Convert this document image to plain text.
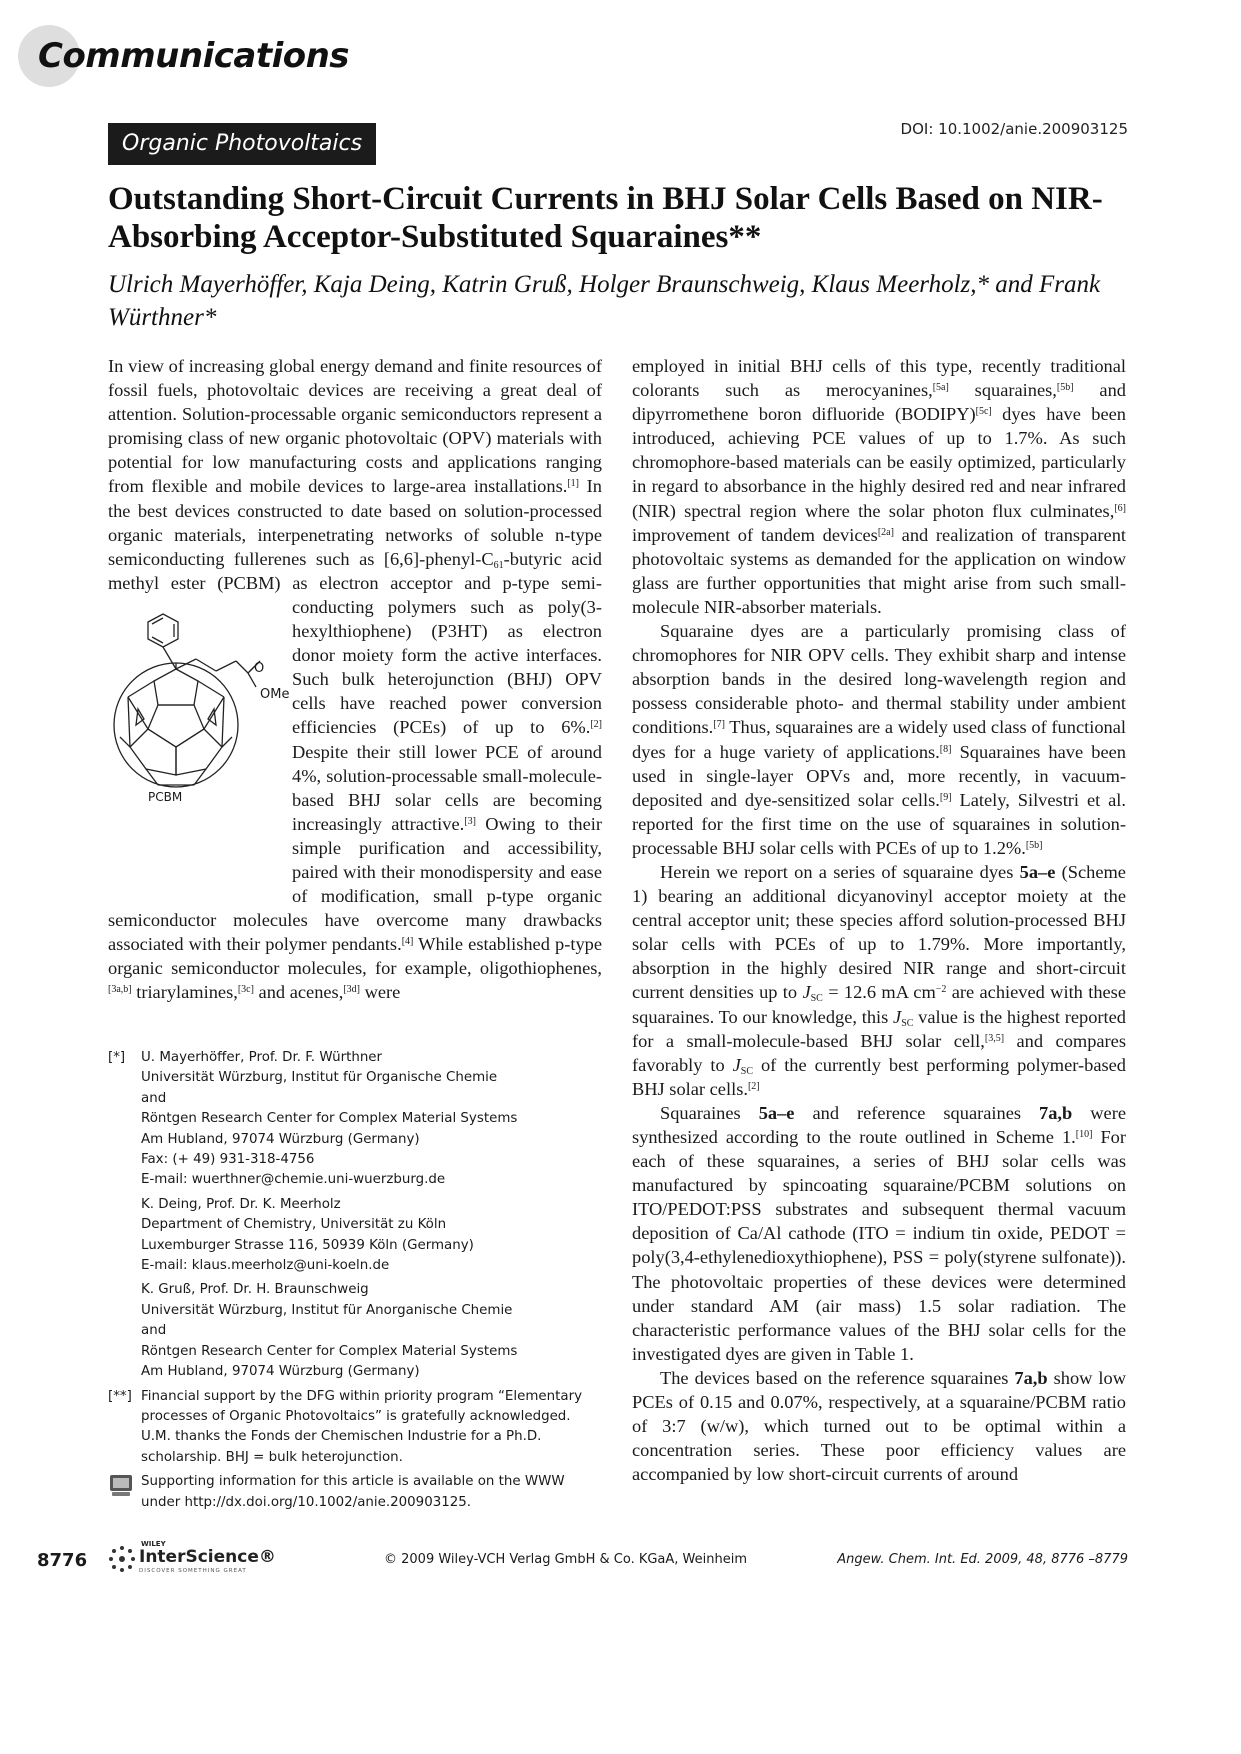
Communications
Organic Photovoltaics
DOI: 10.1002/anie.200903125
Outstanding Short-Circuit Currents in BHJ Solar Cells Based on NIR-Absorbing Acceptor-Substituted Squaraines**

Ulrich Mayerhöffer, Kaja Deing, Katrin Gruß, Holger Braunschweig, Klaus Meerholz,* and Frank Würthner*

In view of increasing global energy demand and finite resources of fossil fuels, photovoltaic devices are receiving a great deal of attention. Solution-processable organic semiconductors represent a promising class of new organic photovoltaic (OPV) materials with potential for low manufacturing costs and applications ranging from flexible and mobile devices to large-area installations.[1] In the best devices constructed to date based on solution-processed organic materials, interpenetrating networks of soluble n-type semiconducting fullerenes such as $[6,6]-phenyl-C_{61}$-butyric acid methyl ester (PCBM) as electron acceptor and p-type semi-
O
OMe
PCBM
conducting polymers such as poly(3-hexylthiophene) (P3HT) as electron donor moiety form the active interfaces. Such bulk heterojunction (BHJ) OPV cells have reached power conversion efficiencies (PCEs) of up to 6%.[2] Despite their still lower PCE of around 4%, solution-processable small-molecule-based BHJ solar cells are becoming increasingly attractive.[3] Owing to their simple purification and accessibility, paired with their monodispersity and ease of modification, small p-type organic semiconductor molecules have overcome many drawbacks associated with their polymer pendants.[4] While established p-type organic semiconductor molecules, for example, oligothiophenes,[3a,b] triarylamines,[3c] and acenes,[3d] were

employed in initial BHJ cells of this type, recently traditional colorants such as merocyanines,[5a] squaraines,[5b] and dipyrromethene boron difluoride (BODIPY)[5c] dyes have been introduced, achieving PCE values of up to 1.7%. As such chromophore-based materials can be easily optimized, particularly in regard to absorbance in the highly desired red and near infrared (NIR) spectral region where the solar photon flux culminates,[6] improvement of tandem devices[2a] and realization of transparent photovoltaic systems as demanded for the application on window glass are further opportunities that might arise from such small-molecule NIR-absorber materials.

Squaraine dyes are a particularly promising class of chromophores for NIR OPV cells. They exhibit sharp and intense absorption bands in the desired long-wavelength region and possess considerable photo- and thermal stability under ambient conditions.[7] Thus, squaraines are a widely used class of functional dyes for a huge variety of applications.[8] Squaraines have been used in single-layer OPVs and, more recently, in vacuum-deposited and dye-sensitized solar cells.[9] Lately, Silvestri et al. reported for the first time on the use of squaraines in solution-processable BHJ solar cells with PCEs of up to 1.2%.[5b]

Herein we report on a series of squaraine dyes 5a–e (Scheme 1) bearing an additional dicyanovinyl acceptor moiety at the central acceptor unit; these species afford solution-processed BHJ solar cells with PCEs of up to 1.79%. More importantly, absorption in the highly desired NIR range and short-circuit current densities up to $J_{SC} = 12.6$ mA $cm^{-2}$ are achieved with these squaraines. To our knowledge, this $J_{SC}$ value is the highest reported for a small-molecule-based BHJ solar cell,[3,5] and compares favorably to $J_{SC}$ of the currently best performing polymer-based BHJ solar cells.[2]

Squaraines 5a–e and reference squaraines 7a,b were synthesized according to the route outlined in Scheme 1.[10] For each of these squaraines, a series of BHJ solar cells was manufactured by spincoating squaraine/PCBM solutions on ITO/PEDOT:PSS substrates and subsequent thermal vacuum deposition of Ca/Al cathode (ITO = indium tin oxide, PEDOT = poly(3,4-ethylenedioxythiophene), PSS = poly(styrene sulfonate)). The photovoltaic properties of these devices were determined under standard AM (air mass) 1.5 solar radiation. The characteristic performance values of the BHJ solar cells for the investigated dyes are given in Table 1.

The devices based on the reference squaraines 7a,b show low PCEs of 0.15 and 0.07%, respectively, at a squaraine/PCBM ratio of 3:7 (w/w), which turned out to be optimal within a concentration series. These poor efficiency values are accompanied by low short-circuit currents of around

[*] U. Mayerhöffer, Prof. Dr. F. Würthner
Universität Würzburg, Institut für Organische Chemie
and
Röntgen Research Center for Complex Material Systems
Am Hubland, 97074 Würzburg (Germany)
Fax: (+ 49) 931-318-4756
E-mail: wuerthner@chemie.uni-wuerzburg.de
K. Deing, Prof. Dr. K. Meerholz
Department of Chemistry, Universität zu Köln
Luxemburger Strasse 116, 50939 Köln (Germany)
E-mail: klaus.meerholz@uni-koeln.de
K. Gruß, Prof. Dr. H. Braunschweig
Universität Würzburg, Institut für Anorganische Chemie
and
Röntgen Research Center for Complex Material Systems
Am Hubland, 97074 Würzburg (Germany)
[**] Financial support by the DFG within priority program “Elementary
processes of Organic Photovoltaics” is gratefully acknowledged.
U.M. thanks the Fonds der Chemischen Industrie for a Ph.D.
scholarship. BHJ = bulk heterojunction.
Supporting information for this article is available on the WWW
under http://dx.doi.org/10.1002/anie.200903125.
8776
WILEY
InterScience®
DISCOVER SOMETHING GREAT
© 2009 Wiley-VCH Verlag GmbH & Co. KGaA, Weinheim	Angew. Chem. Int. Ed. 2009, 48, 8776 –8779
